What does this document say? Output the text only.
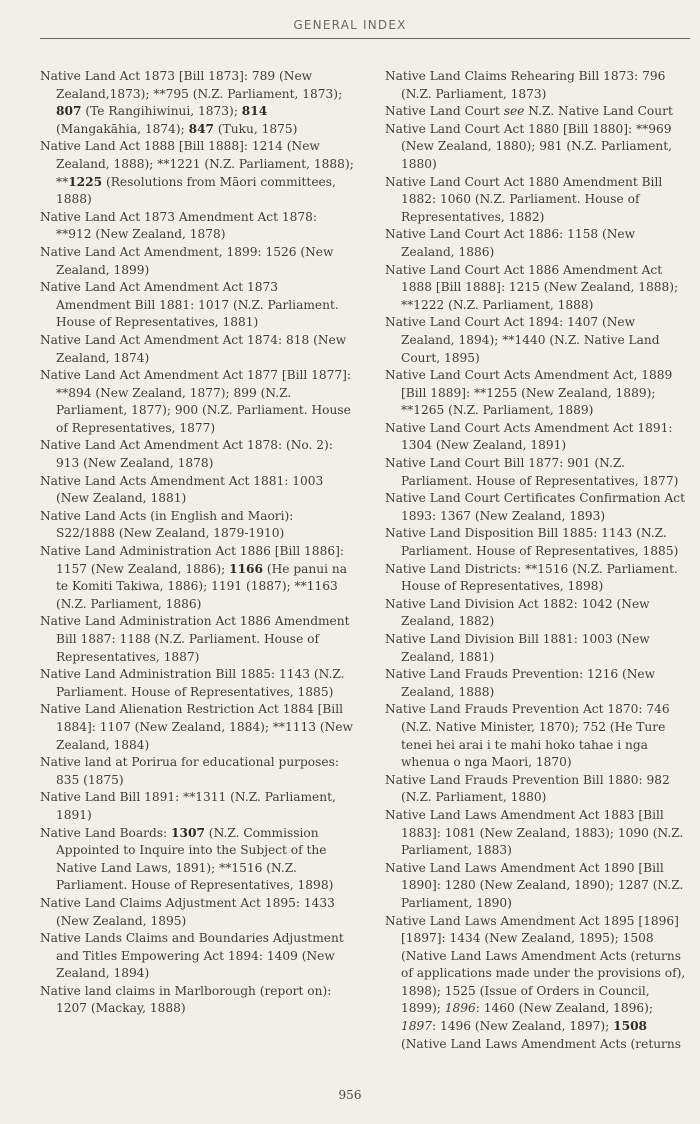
GENERAL INDEX
Native Land Act 1873 [Bill 1873]: 789 (New Zealand,1873); **795 (N.Z. Parliament, 1873); 807 (Te Rangihiwinui, 1873); 814 (Mangakāhia, 1874); 847 (Tuku, 1875)
Native Land Act 1888 [Bill 1888]: 1214 (New Zealand, 1888); **1221 (N.Z. Parliament, 1888); **1225 (Resolutions from Māori committees, 1888)
Native Land Act 1873 Amendment Act 1878: **912 (New Zealand, 1878)
Native Land Act Amendment, 1899: 1526 (New Zealand, 1899)
Native Land Act Amendment Act 1873 Amendment Bill 1881: 1017 (N.Z. Parliament. House of Representatives, 1881)
Native Land Act Amendment Act 1874: 818 (New Zealand, 1874)
Native Land Act Amendment Act 1877 [Bill 1877]: **894 (New Zealand, 1877); 899 (N.Z. Parliament, 1877); 900 (N.Z. Parliament. House of Representatives, 1877)
Native Land Act Amendment Act 1878: (No. 2): 913 (New Zealand, 1878)
Native Land Acts Amendment Act 1881: 1003 (New Zealand, 1881)
Native Land Acts (in English and Maori): S22/1888 (New Zealand, 1879-1910)
Native Land Administration Act 1886 [Bill 1886]: 1157 (New Zealand, 1886); 1166 (He panui na te Komiti Takiwa, 1886); 1191 (1887); **1163 (N.Z. Parliament, 1886)
Native Land Administration Act 1886 Amendment Bill 1887: 1188 (N.Z. Parliament. House of Representatives, 1887)
Native Land Administration Bill 1885: 1143 (N.Z. Parliament. House of Representatives, 1885)
Native Land Alienation Restriction Act 1884 [Bill 1884]: 1107 (New Zealand, 1884); **1113 (New Zealand, 1884)
Native land at Porirua for educational purposes: 835 (1875)
Native Land Bill 1891: **1311 (N.Z. Parliament, 1891)
Native Land Boards: 1307 (N.Z. Commission Appointed to Inquire into the Subject of the Native Land Laws, 1891); **1516 (N.Z. Parliament. House of Representatives, 1898)
Native Land Claims Adjustment Act 1895: 1433 (New Zealand, 1895)
Native Lands Claims and Boundaries Adjustment and Titles Empowering Act 1894: 1409 (New Zealand, 1894)
Native land claims in Marlborough (report on): 1207 (Mackay, 1888)
Native Land Claims Rehearing Bill 1873: 796 (N.Z. Parliament, 1873)
Native Land Court see N.Z. Native Land Court
Native Land Court Act 1880 [Bill 1880]: **969 (New Zealand, 1880); 981 (N.Z. Parliament, 1880)
Native Land Court Act 1880 Amendment Bill 1882: 1060 (N.Z. Parliament. House of Representatives, 1882)
Native Land Court Act 1886: 1158 (New Zealand, 1886)
Native Land Court Act 1886 Amendment Act 1888 [Bill 1888]: 1215 (New Zealand, 1888); **1222 (N.Z. Parliament, 1888)
Native Land Court Act 1894: 1407 (New Zealand, 1894); **1440 (N.Z. Native Land Court, 1895)
Native Land Court Acts Amendment Act, 1889 [Bill 1889]: **1255 (New Zealand, 1889); **1265 (N.Z. Parliament, 1889)
Native Land Court Acts Amendment Act 1891: 1304 (New Zealand, 1891)
Native Land Court Bill 1877: 901 (N.Z. Parliament. House of Representatives, 1877)
Native Land Court Certificates Confirmation Act 1893: 1367 (New Zealand, 1893)
Native Land Disposition Bill 1885: 1143 (N.Z. Parliament. House of Representatives, 1885)
Native Land Districts: **1516 (N.Z. Parliament. House of Representatives, 1898)
Native Land Division Act 1882: 1042 (New Zealand, 1882)
Native Land Division Bill 1881: 1003 (New Zealand, 1881)
Native Land Frauds Prevention: 1216 (New Zealand, 1888)
Native Land Frauds Prevention Act 1870: 746 (N.Z. Native Minister, 1870); 752 (He Ture tenei hei arai i te mahi hoko tahae i nga whenua o nga Maori, 1870)
Native Land Frauds Prevention Bill 1880: 982 (N.Z. Parliament, 1880)
Native Land Laws Amendment Act 1883 [Bill 1883]: 1081 (New Zealand, 1883); 1090 (N.Z. Parliament, 1883)
Native Land Laws Amendment Act 1890 [Bill 1890]: 1280 (New Zealand, 1890); 1287 (N.Z. Parliament, 1890)
Native Land Laws Amendment Act 1895 [1896] [1897]: 1434 (New Zealand, 1895); 1508 (Native Land Laws Amendment Acts (returns of applications made under the provisions of), 1898); 1525 (Issue of Orders in Council, 1899); 1896: 1460 (New Zealand, 1896); 1897: 1496 (New Zealand, 1897); 1508 (Native Land Laws Amendment Acts (returns
956
